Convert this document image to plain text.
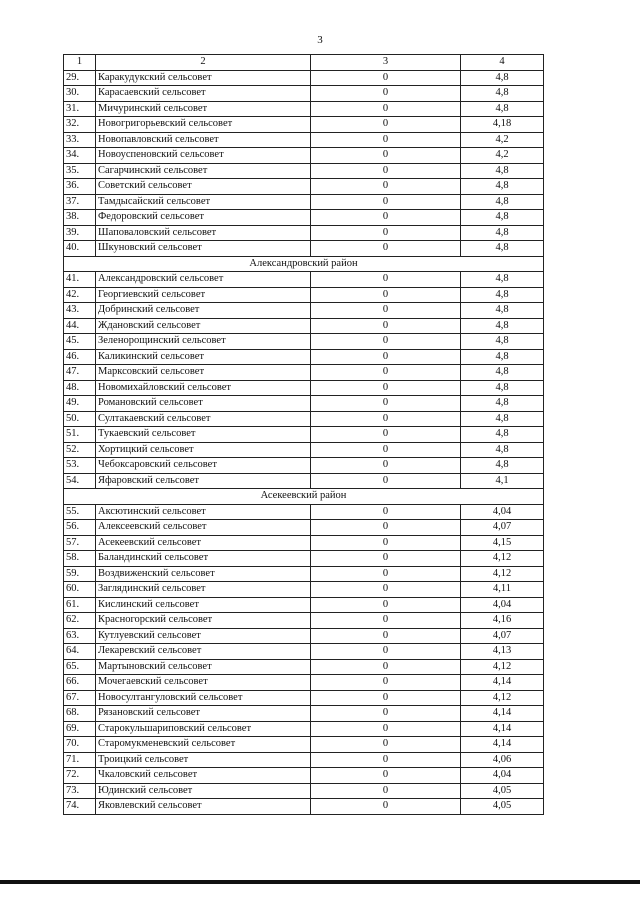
3
1	2	3	4
29.	Каракудукский сельсовет	0	4,8
30.	Карасаевский сельсовет	0	4,8
31.	Мичуринский сельсовет	0	4,8
32.	Новогригорьевский сельсовет	0	4,18
33.	Новопавловский сельсовет	0	4,2
34.	Новоуспеновский сельсовет	0	4,2
35.	Сагарчинский сельсовет	0	4,8
36.	Советский сельсовет	0	4,8
37.	Тамдысайский сельсовет	0	4,8
38.	Федоровский сельсовет	0	4,8
39.	Шаповаловский сельсовет	0	4,8
40.	Шкуновский сельсовет	0	4,8
Александровский район			
41.	Александровский сельсовет	0	4,8
42.	Георгиевский сельсовет	0	4,8
43.	Добринский сельсовет	0	4,8
44.	Ждановский сельсовет	0	4,8
45.	Зеленорощинский сельсовет	0	4,8
46.	Каликинский сельсовет	0	4,8
47.	Марксовский сельсовет	0	4,8
48.	Новомихайловский сельсовет	0	4,8
49.	Романовский сельсовет	0	4,8
50.	Султакаевский сельсовет	0	4,8
51.	Тукаевский сельсовет	0	4,8
52.	Хортицкий сельсовет	0	4,8
53.	Чебоксаровский сельсовет	0	4,8
54.	Яфаровский сельсовет	0	4,1
Асекеевский район			
55.	Аксютинский сельсовет	0	4,04
56.	Алексеевский сельсовет	0	4,07
57.	Асекеевский сельсовет	0	4,15
58.	Баландинский сельсовет	0	4,12
59.	Воздвиженский сельсовет	0	4,12
60.	Заглядинский сельсовет	0	4,11
61.	Кислинский сельсовет	0	4,04
62.	Красногорский сельсовет	0	4,16
63.	Кутлуевский сельсовет	0	4,07
64.	Лекаревский сельсовет	0	4,13
65.	Мартыновский сельсовет	0	4,12
66.	Мочегаевский сельсовет	0	4,14
67.	Новосултангуловский сельсовет	0	4,12
68.	Рязановский сельсовет	0	4,14
69.	Старокульшариповский сельсовет	0	4,14
70.	Старомукменевский сельсовет	0	4,14
71.	Троицкий сельсовет	0	4,06
72.	Чкаловский сельсовет	0	4,04
73.	Юдинский сельсовет	0	4,05
74.	Яковлевский сельсовет	0	4,05
